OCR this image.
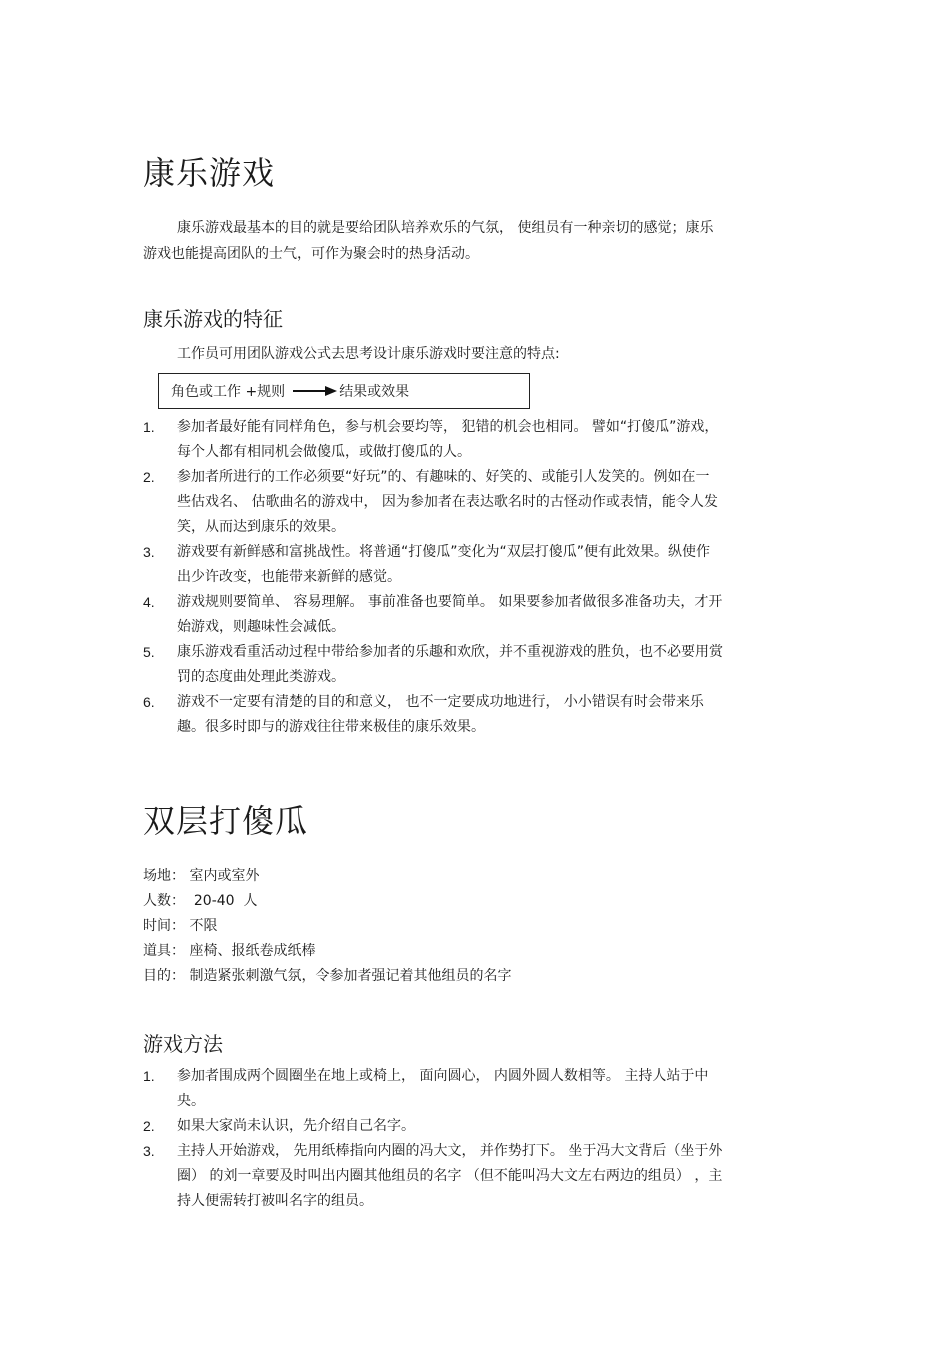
康乐游戏

康乐游戏最基本的目的就是要给团队培养欢乐的气氛， 使组员有一种亲切的感觉；康乐游戏也能提高团队的士气，可作为聚会时的热身活动。

康乐游戏的特征

工作员可用团队游戏公式去思考设计康乐游戏时要注意的特点:

角色或工作 +规则	结果或效果
1. 参加者最好能有同样角色，参与机会要均等， 犯错的机会也相同。 譬如“打傻瓜”游戏，每个人都有相同机会做傻瓜，或做打傻瓜的人。
2. 参加者所进行的工作必须要“好玩”的、有趣味的、好笑的、或能引人发笑的。例如在一些估戏名、 估歌曲名的游戏中， 因为参加者在表达歌名时的古怪动作或表情，能令人发笑，从而达到康乐的效果。
3. 游戏要有新鲜感和富挑战性。将普通“打傻瓜”变化为“双层打傻瓜”便有此效果。纵使作出少许改变，也能带来新鲜的感觉。
4. 游戏规则要简单、 容易理解。 事前准备也要简单。 如果要参加者做很多准备功夫，才开始游戏，则趣味性会减低。
5. 康乐游戏看重活动过程中带给参加者的乐趣和欢欣，并不重视游戏的胜负，也不必要用赏罚的态度曲处理此类游戏。
6. 游戏不一定要有清楚的目的和意义， 也不一定要成功地进行， 小小错误有时会带来乐趣。很多时即与的游戏往往带来极佳的康乐效果。
双层打傻瓜
场地： 室内或室外
人数：  20-40  人
时间： 不限
道具： 座椅、报纸卷成纸棒
目的： 制造紧张刺激气氛，令参加者强记着其他组员的名字
游戏方法
1. 参加者围成两个圆圈坐在地上或椅上， 面向圆心， 内圆外圆人数相等。 主持人站于中央。
2. 如果大家尚未认识，先介绍自己名字。
3. 主持人开始游戏， 先用纸棒指向内圈的冯大文， 并作势打下。 坐于冯大文背后（坐于外圈） 的刘一章要及时叫出内圈其他组员的名字 （但不能叫冯大文左右两边的组员） ，主持人便需转打被叫名字的组员。
